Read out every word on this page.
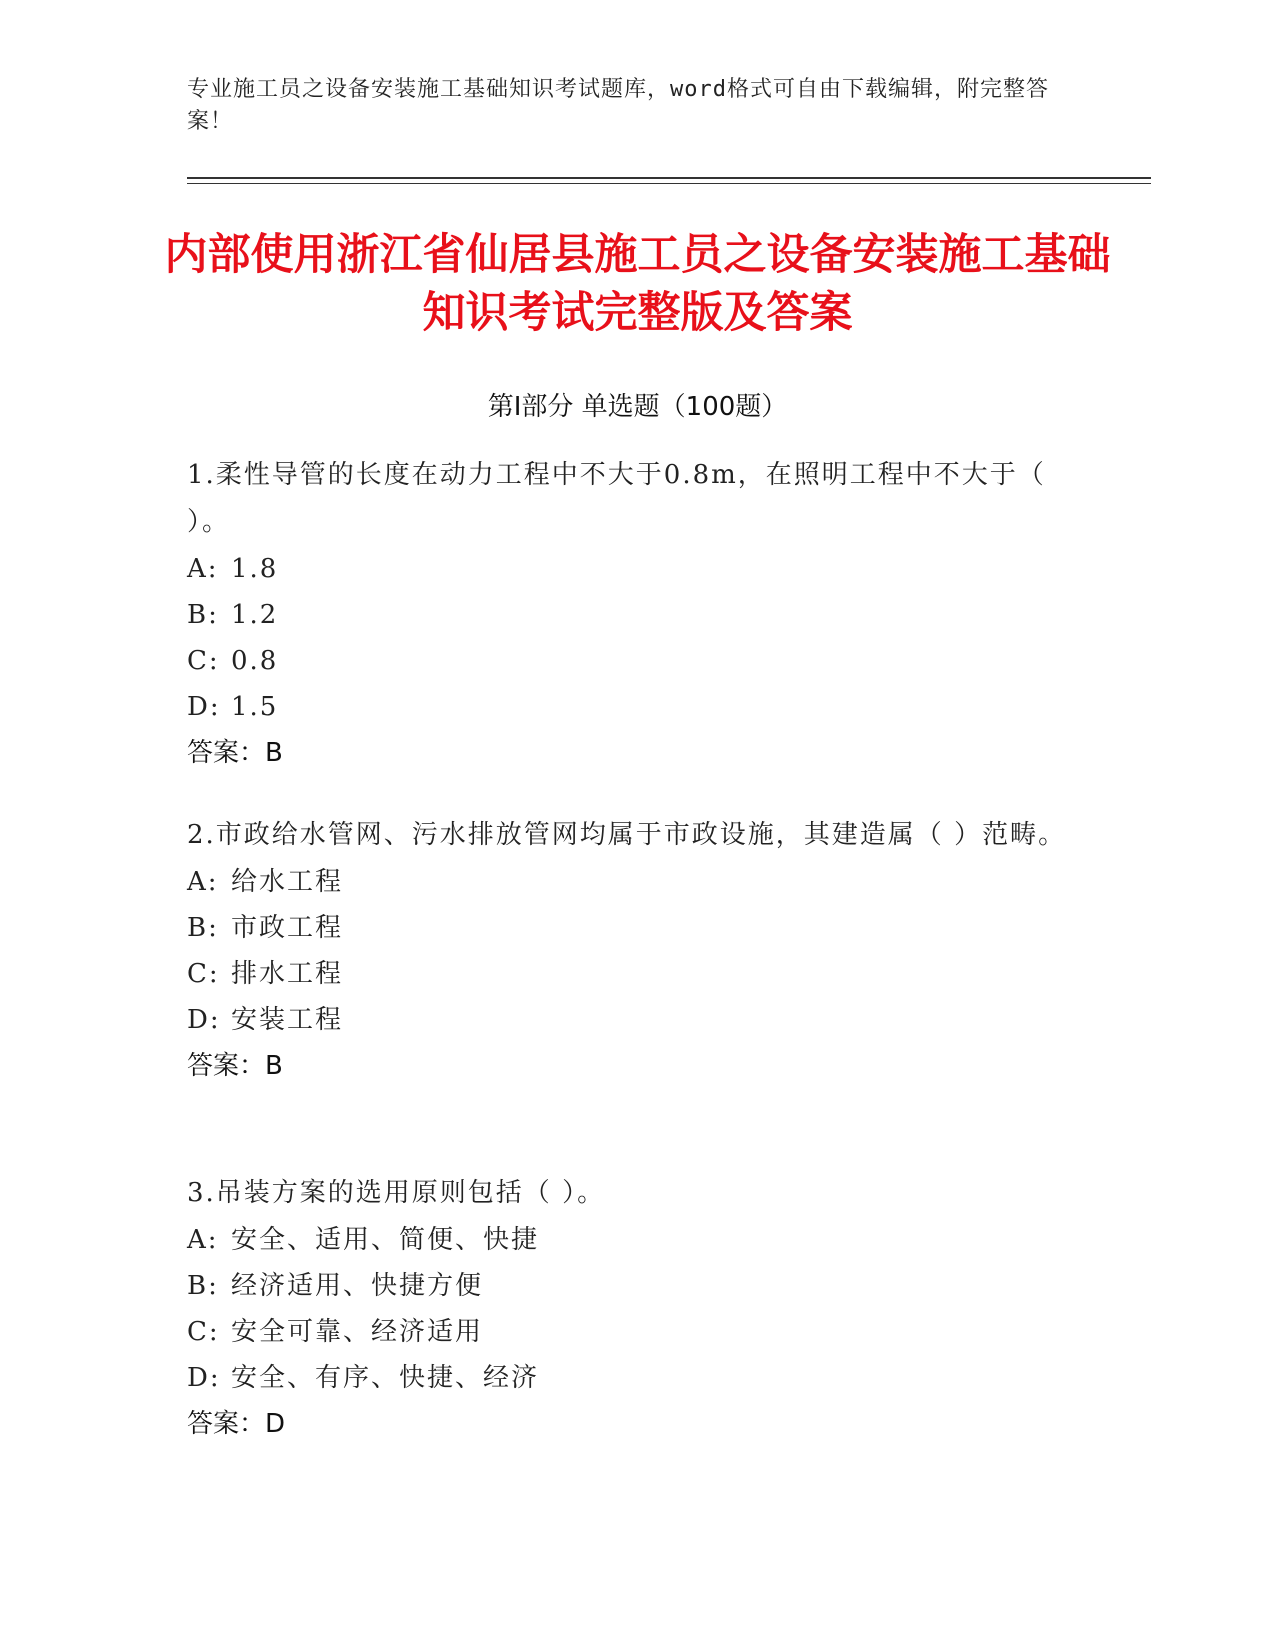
专业施工员之设备安装施工基础知识考试题库，word格式可自由下载编辑，附完整答案！
内部使用浙江省仙居县施工员之设备安装施工基础知识考试完整版及答案
第Ⅰ部分 单选题（100题）
1.柔性导管的长度在动力工程中不大于0.8m，在照明工程中不大于（ ）。
A: 1.8
B: 1.2
C: 0.8
D: 1.5
答案：B
2.市政给水管网、污水排放管网均属于市政设施，其建造属（ ）范畴。
A: 给水工程
B: 市政工程
C: 排水工程
D: 安装工程
答案：B
3.吊装方案的选用原则包括（ ）。
A: 安全、适用、简便、快捷
B: 经济适用、快捷方便
C: 安全可靠、经济适用
D: 安全、有序、快捷、经济
答案：D
